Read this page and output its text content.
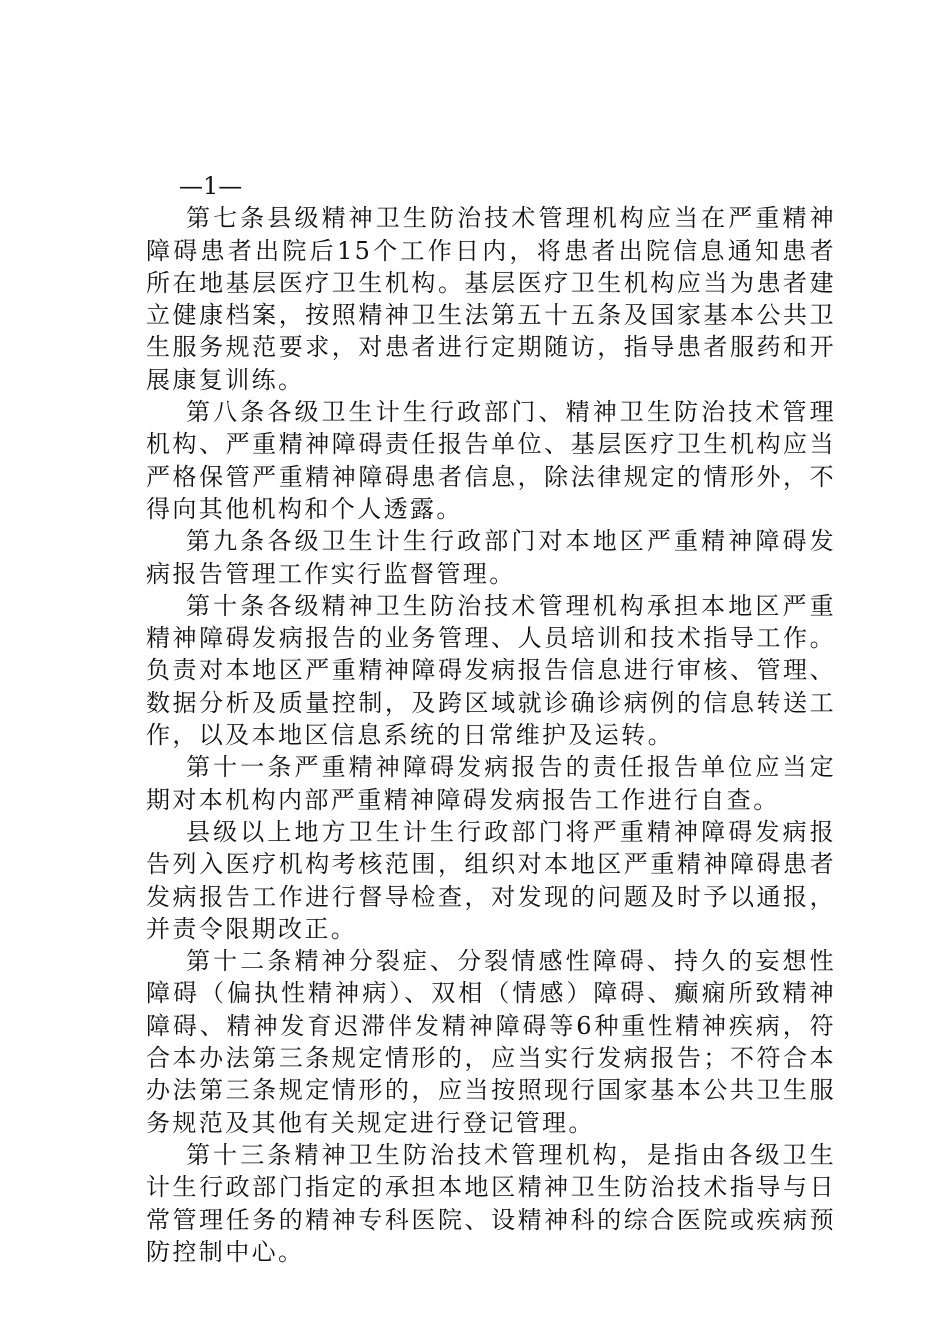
—1—

第七条县级精神卫生防治技术管理机构应当在严重精神障碍患者出院后15个工作日内，将患者出院信息通知患者所在地基层医疗卫生机构。基层医疗卫生机构应当为患者建立健康档案，按照精神卫生法第五十五条及国家基本公共卫生服务规范要求，对患者进行定期随访，指导患者服药和开展康复训练。

第八条各级卫生计生行政部门、精神卫生防治技术管理机构、严重精神障碍责任报告单位、基层医疗卫生机构应当严格保管严重精神障碍患者信息，除法律规定的情形外，不得向其他机构和个人透露。

第九条各级卫生计生行政部门对本地区严重精神障碍发病报告管理工作实行监督管理。

第十条各级精神卫生防治技术管理机构承担本地区严重精神障碍发病报告的业务管理、人员培训和技术指导工作。负责对本地区严重精神障碍发病报告信息进行审核、管理、数据分析及质量控制，及跨区域就诊确诊病例的信息转送工作，以及本地区信息系统的日常维护及运转。

第十一条严重精神障碍发病报告的责任报告单位应当定期对本机构内部严重精神障碍发病报告工作进行自查。

县级以上地方卫生计生行政部门将严重精神障碍发病报告列入医疗机构考核范围，组织对本地区严重精神障碍患者发病报告工作进行督导检查，对发现的问题及时予以通报，并责令限期改正。

第十二条精神分裂症、分裂情感性障碍、持久的妄想性障碍（偏执性精神病）、双相（情感）障碍、癫痫所致精神障碍、精神发育迟滞伴发精神障碍等6种重性精神疾病，符合本办法第三条规定情形的，应当实行发病报告；不符合本办法第三条规定情形的，应当按照现行国家基本公共卫生服务规范及其他有关规定进行登记管理。

第十三条精神卫生防治技术管理机构，是指由各级卫生计生行政部门指定的承担本地区精神卫生防治技术指导与日常管理任务的精神专科医院、设精神科的综合医院或疾病预防控制中心。
